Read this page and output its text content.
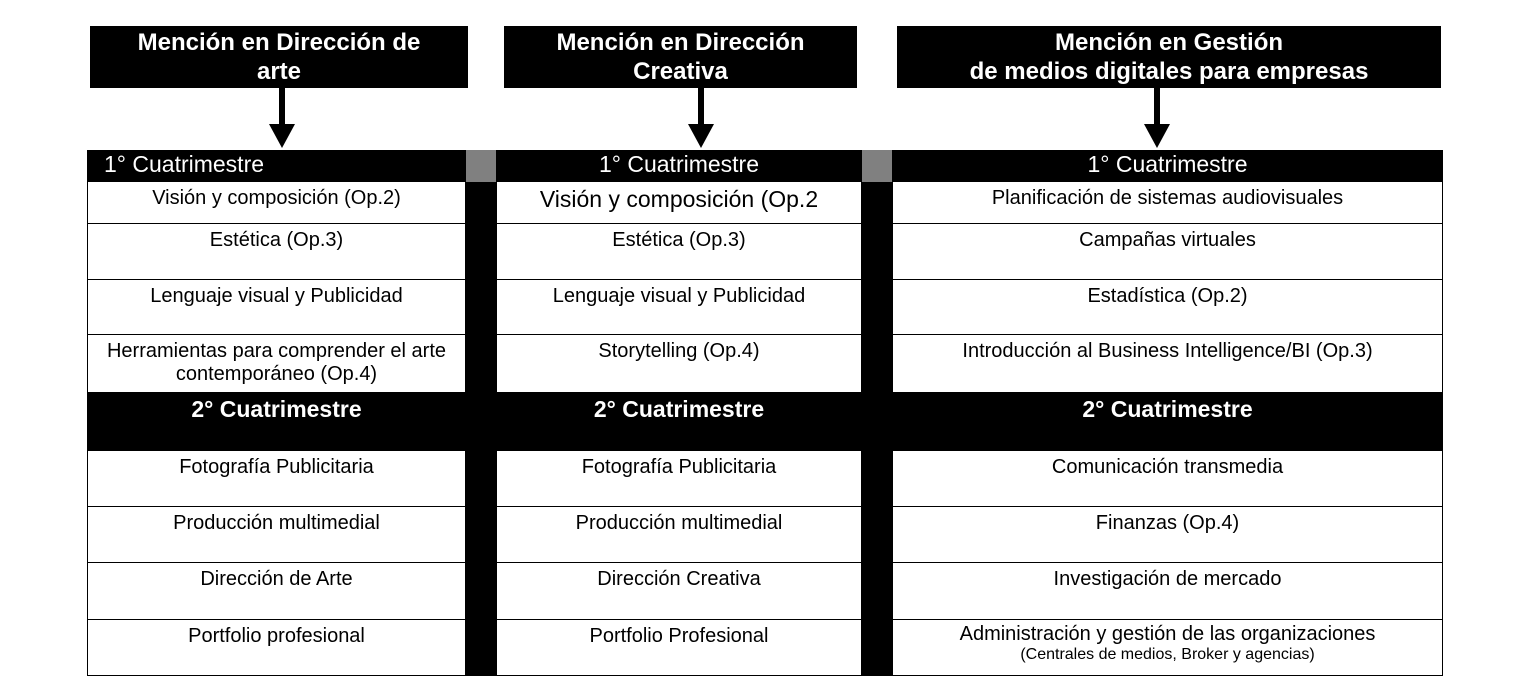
Mención en Dirección de
arte
Mención en Dirección
Creativa
Mención en Gestión
de medios digitales para empresas
1° Cuatrimestre
Visión y composición (Op.2)
Estética (Op.3)
Lenguaje visual y Publicidad
Herramientas para comprender el arte contemporáneo (Op.4)
2° Cuatrimestre
Fotografía Publicitaria
Producción multimedial
Dirección de Arte
Portfolio profesional
1° Cuatrimestre
Visión y composición (Op.2
Estética (Op.3)
Lenguaje visual y Publicidad
Storytelling (Op.4)
2° Cuatrimestre
Fotografía Publicitaria
Producción multimedial
Dirección Creativa
Portfolio Profesional
1° Cuatrimestre
Planificación de sistemas audiovisuales
Campañas virtuales
Estadística (Op.2)
Introducción al Business Intelligence/BI (Op.3)
2° Cuatrimestre
Comunicación transmedia
Finanzas (Op.4)
Investigación de mercado
Administración y gestión de las organizaciones
(Centrales de medios, Broker y agencias)
